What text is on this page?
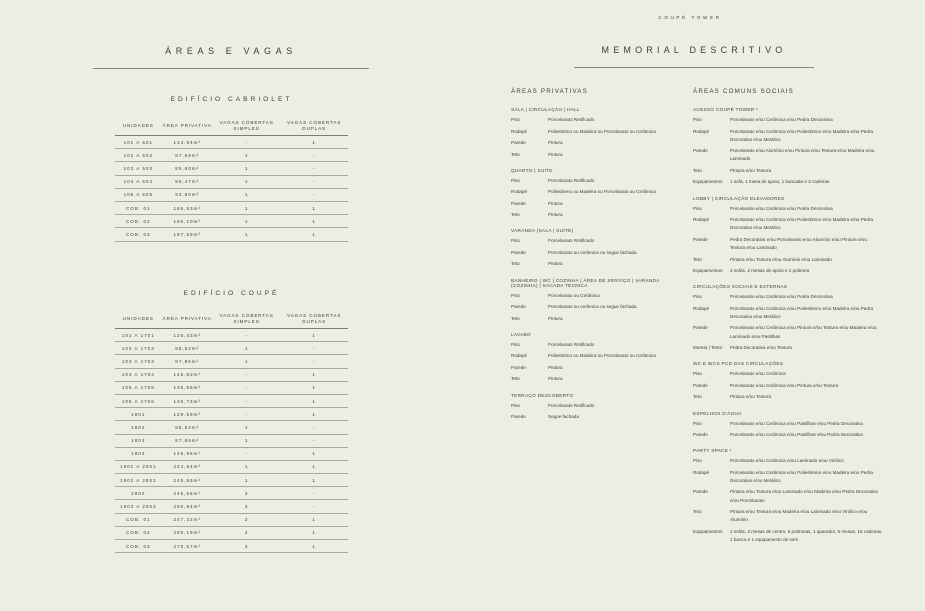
ÁREAS E VAGAS
EDIFÍCIO CABRIOLET
UNIDADES	ÁREA PRIVATIVA	VAGAS COBERTAS SIMPLES	VAGAS COBERTAS DUPLAS
101 A 501	134,94m²	-	1
102 A 502	87,69m²	1	-
103 A 503	85,90m²	1	-
104 A 504	85,47m²	1	-
105 A 505	93,80m²	1	-
COB. 01	185,53m²	1	1
COB. 02	186,10m²	1	1
COB. 03	187,59m²	1	1
EDIFÍCIO COUPÉ
UNIDADES	ÁREA PRIVATIVA	VAGAS COBERTAS SIMPLES	VAGAS COBERTAS DUPLAS
101 A 1701	126,43m²	-	1
102 A 1702	88,52m²	1	-
103 A 1703	87,86m²	1	-
104 A 1704	145,82m²	-	1
105 A 1705	136,58m²	-	1
106 A 1706	136,72m²	-	1
1801	129,58m²	-	1
1802	88,52m²	1	-
1803	87,86m²	1	-
1804	146,95m²	-	1
1901 A 2901	224,64m²	1	1
1902 A 2802	245,56m²	1	1
2902	245,56m²	3	-
1903 A 2903	260,94m²	3	-
COB. 01	247,22m²	2	1
COB. 02	260,19m²	2	1
COB. 03	275,57m²	3	1
COUPÉ TOWER
MEMORIAL DESCRITIVO
ÁREAS PRIVATIVAS
SALA | CIRCULAÇÃO | HALL
Piso	Porcelanato Retificado
Rodapé	Poliestireno ou Madeira ou Porcelanato ou Cerâmica
Parede	Pintura
Teto	Pintura
QUARTO | SUÍTE
Piso	Porcelanato Retificado
Rodapé	Poliestireno ou Madeira ou Porcelanato ou Cerâmica
Parede	Pintura
Teto	Pintura
VARANDA (SALA | SUÍTE)
Piso	Porcelanato Retificado
Parede	Porcelanato ou cerâmica ou segue fachada
Teto	Pintura
BANHEIRO | WC | COZINHA | ÁREA DE SERVIÇO | VARANDA (COZINHA) | SACADA TÉCNICA
Piso	Porcelanato ou Cerâmica
Parede	Porcelanato ou cerâmica ou segue fachada
Teto	Pintura
LAVABO
Piso	Porcelanato Retificado
Rodapé	Poliestireno ou Madeira ou Porcelanato ou Cerâmica
Parede	Pintura
Teto	Pintura
TERRAÇO DESCOBERTO
Piso	Porcelanato Retificado
Parede	Segue fachada
ÁREAS COMUNS SOCIAIS
ACESSO COUPÉ TOWER ¹
Piso	Porcelanato e/ou Cerâmica e/ou Pedra Decorativa
Rodapé	Porcelanato e/ou Cerâmica e/ou Poliestireno e/ou Madeira e/ou Pedra Decorativa e/ou Metálico
Parede	Porcelanato e/ou Alumínio e/ou Pintura e/ou Textura e/ou Madeira e/ou Laminado
Teto	Pintura e/ou Textura
Equipamentos	1 sofá, 1 mesa de apoio, 1 bancada e 3 cadeiras
LOBBY | CIRCULAÇÃO ELEVADORES
Piso	Porcelanato e/ou Cerâmica e/ou Pedra Decorativa
Rodapé	Porcelanato e/ou Cerâmica e/ou Poliestireno e/ou Madeira e/ou Pedra Decorativa e/ou Metálico
Parede	Pedra Decorativa e/ou Porcelanato e/ou Alumínio e/ou Pintura e/ou Textura e/ou Laminado
Teto	Pintura e/ou Textura e/ou Alumínio e/ou Laminado
Equipamentos	2 sofás, 2 mesas de apoio e 1 poltrona
CIRCULAÇÕES SOCIAIS E EXTERNAS
Piso	Porcelanato e/ou Cerâmica e/ou Pedra Decorativa
Rodapé	Porcelanato e/ou Cerâmica e/ou Poliestireno e/ou Madeira e/ou Pedra Decorativa e/ou Metálico
Parede	Porcelanato e/ou Cerâmica e/ou Pintura e/ou Textura e/ou Madeira e/ou Laminado e/ou Pastilhas
Mureta | Tento	Pedra Decorativa e/ou Textura
WC E WCS PCD DAS CIRCULAÇÕES
Piso	Porcelanato e/ou Cerâmica
Parede	Porcelanato e/ou Cerâmica e/ou Pintura e/ou Textura
Teto	Pintura e/ou Textura
ESPELHOS D'ÁGUA
Piso	Porcelanato e/ou Cerâmica e/ou Pastilhas e/ou Pedra Decorativa
Parede	Porcelanato e/ou Cerâmica e/ou Pastilhas e/ou Pedra Decorativa
PARTY SPACE ¹
Piso	Porcelanato e/ou Cerâmica e/ou Laminado e/ou Vinílico
Rodapé	Porcelanato e/ou Cerâmica e/ou Poliestireno e/ou Madeira e/ou Pedra Decorativa e/ou Metálico
Parede	Pintura e/ou Textura e/ou Laminado e/ou Madeira e/ou Pedra Decorativa e/ou Porcelanato
Teto	Pintura e/ou Textura e/ou Madeira e/ou Laminado e/ou Vinílico e/ou Alumínio
Equipamentos	2 sofás, 3 mesas de centro, 5 poltronas, 1 aparador, 5 mesas, 16 cadeiras, 1 banco e 1 equipamento de som
